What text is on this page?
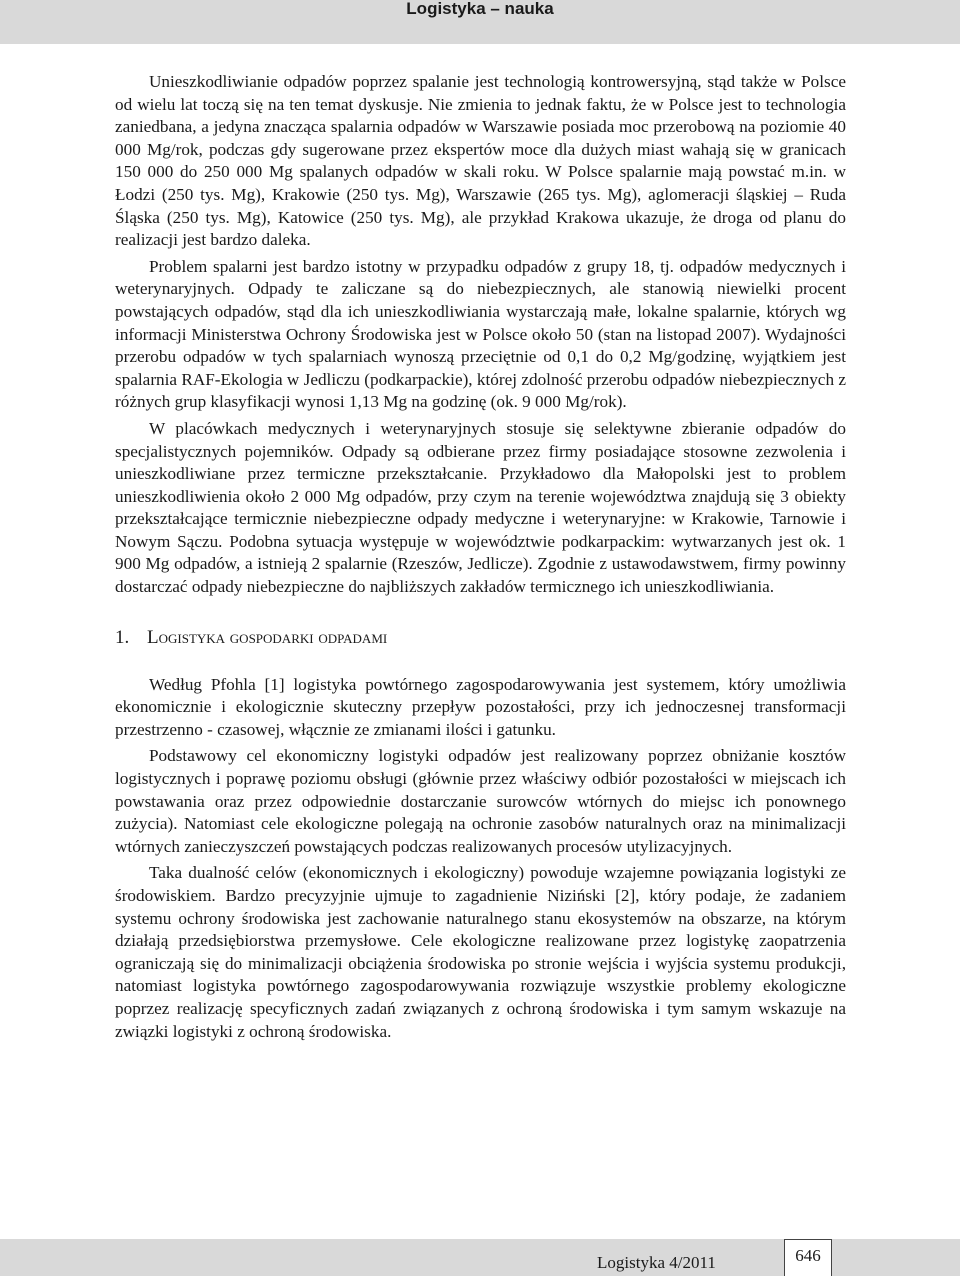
Logistyka – nauka

Unieszkodliwianie odpadów poprzez spalanie jest technologią kontrowersyjną, stąd także w Polsce od wielu lat toczą się na ten temat dyskusje. Nie zmienia to jednak faktu, że w Polsce jest to technologia zaniedbana, a jedyna znacząca spalarnia odpadów w Warszawie posiada moc przerobową na poziomie 40 000 Mg/rok, podczas gdy sugerowane przez ekspertów moce dla dużych miast wahają się w granicach 150 000 do 250 000 Mg spalanych odpadów w skali roku. W Polsce spalarnie mają powstać m.in. w Łodzi (250 tys. Mg), Krakowie (250 tys. Mg), Warszawie (265 tys. Mg), aglomeracji śląskiej – Ruda Śląska (250 tys. Mg), Katowice (250 tys. Mg), ale przykład Krakowa ukazuje, że droga od planu do realizacji jest bardzo daleka.

Problem spalarni jest bardzo istotny w przypadku odpadów z grupy 18, tj. odpadów medycznych i weterynaryjnych. Odpady te zaliczane są do niebezpiecznych, ale stanowią niewielki procent powstających odpadów, stąd dla ich unieszkodliwiania wystarczają małe, lokalne spalarnie, których wg informacji Ministerstwa Ochrony Środowiska jest w Polsce około 50 (stan na listopad 2007). Wydajności przerobu odpadów w tych spalarniach wynoszą przeciętnie od 0,1 do 0,2 Mg/godzinę, wyjątkiem jest spalarnia RAF-Ekologia w Jedliczu (podkarpackie), której zdolność przerobu odpadów niebezpiecznych z różnych grup klasyfikacji wynosi 1,13 Mg na godzinę (ok. 9 000 Mg/rok).

W placówkach medycznych i weterynaryjnych stosuje się selektywne zbieranie odpadów do specjalistycznych pojemników. Odpady są odbierane przez firmy posiadające stosowne zezwolenia i unieszkodliwiane przez termiczne przekształcanie. Przykładowo dla Małopolski jest to problem unieszkodliwienia około 2 000 Mg odpadów, przy czym na terenie województwa znajdują się 3 obiekty przekształcające termicznie niebezpieczne odpady medyczne i weterynaryjne: w Krakowie, Tarnowie i Nowym Sączu. Podobna sytuacja występuje w województwie podkarpackim: wytwarzanych jest ok. 1 900 Mg odpadów, a istnieją 2 spalarnie (Rzeszów, Jedlicze). Zgodnie z ustawodawstwem, firmy powinny dostarczać odpady niebezpieczne do najbliższych zakładów termicznego ich unieszkodliwiania.

1. Logistyka gospodarki odpadami

Według Pfohla [1] logistyka powtórnego zagospodarowywania jest systemem, który umożliwia ekonomicznie i ekologicznie skuteczny przepływ pozostałości, przy ich jednoczesnej transformacji przestrzenno - czasowej, włącznie ze zmianami ilości i gatunku.

Podstawowy cel ekonomiczny logistyki odpadów jest realizowany poprzez obniżanie kosztów logistycznych i poprawę poziomu obsługi (głównie przez właściwy odbiór pozostałości w miejscach ich powstawania oraz przez odpowiednie dostarczanie surowców wtórnych do miejsc ich ponownego zużycia). Natomiast cele ekologiczne polegają na ochronie zasobów naturalnych oraz na minimalizacji wtórnych zanieczyszczeń powstających podczas realizowanych procesów utylizacyjnych.

Taka dualność celów (ekonomicznych i ekologiczny) powoduje wzajemne powiązania logistyki ze środowiskiem. Bardzo precyzyjnie ujmuje to zagadnienie Niziński [2], który podaje, że zadaniem systemu ochrony środowiska jest zachowanie naturalnego stanu ekosystemów na obszarze, na którym działają przedsiębiorstwa przemysłowe. Cele ekologiczne realizowane przez logistykę zaopatrzenia ograniczają się do minimalizacji obciążenia środowiska po stronie wejścia i wyjścia systemu produkcji, natomiast logistyka powtórnego zagospodarowywania rozwiązuje wszystkie problemy ekologiczne poprzez realizację specyficznych zadań związanych z ochroną środowiska i tym samym wskazuje na związki logistyki z ochroną środowiska.

Logistyka 4/2011	646
